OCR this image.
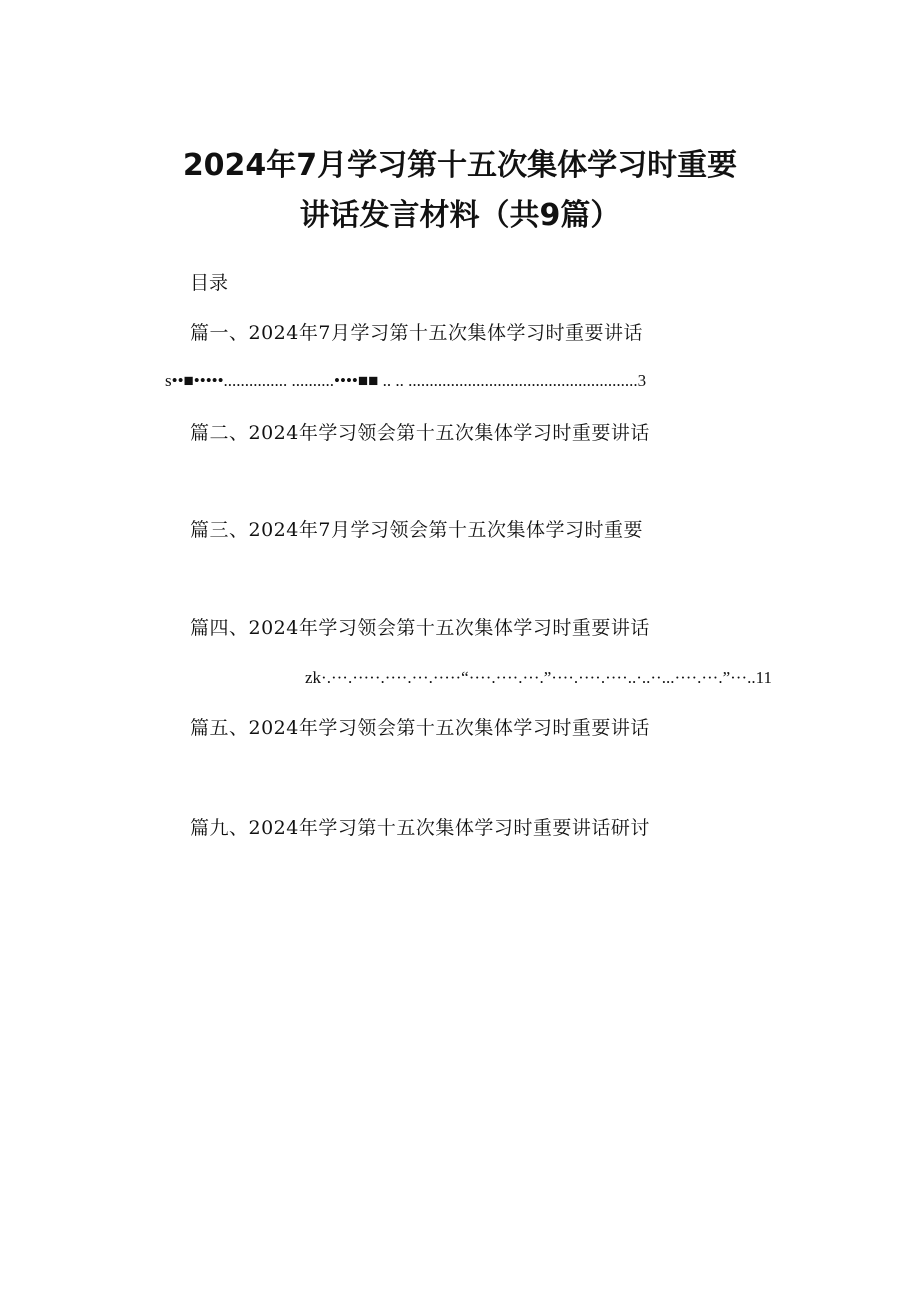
2024年7月学习第十五次集体学习时重要
讲话发言材料（共9篇）
目录
篇一、2024年7月学习第十五次集体学习时重要讲话
s••■•••••............... ..........••••■■ .. .. ......................................................3
篇二、2024年学习领会第十五次集体学习时重要讲话
篇三、2024年7月学习领会第十五次集体学习时重要
篇四、2024年学习领会第十五次集体学习时重要讲话
zk·.···.·····.····.···.·····“····.····.···.”····.····.····..·..··...····.···.”···..11
篇五、2024年学习领会第十五次集体学习时重要讲话
篇九、2024年学习第十五次集体学习时重要讲话研讨
